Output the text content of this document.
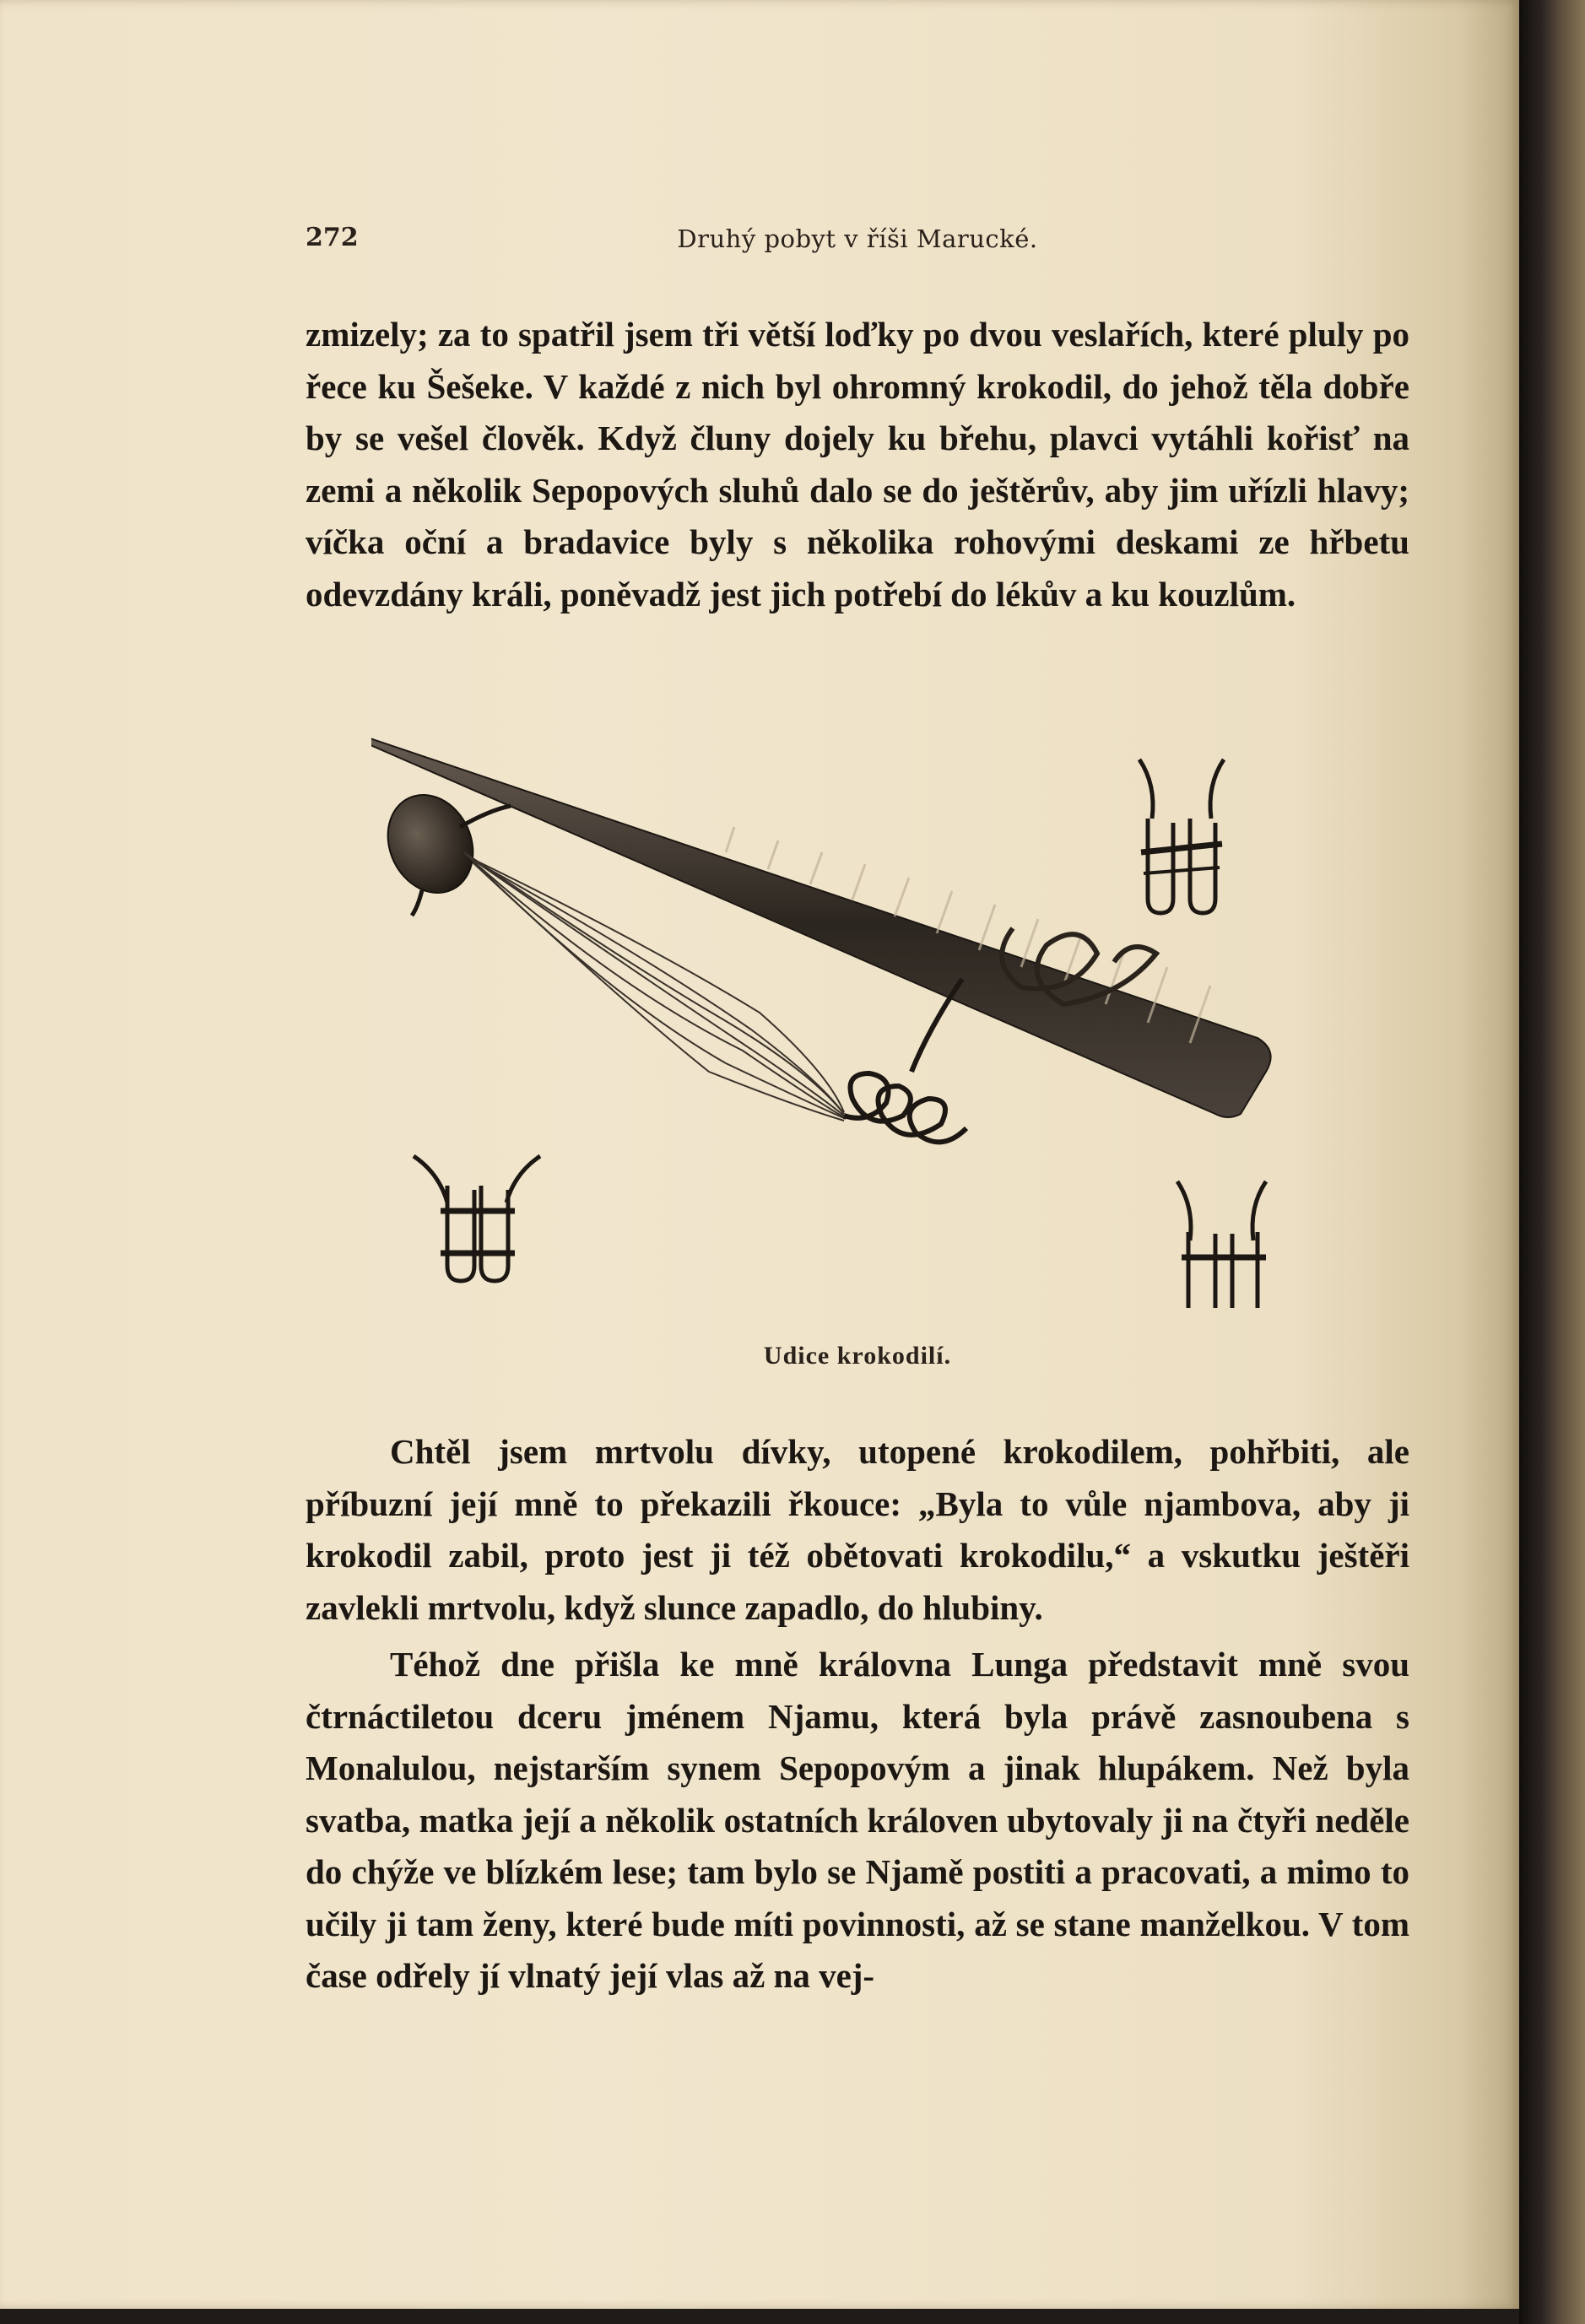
272	Druhý pobyt v říši Marucké.

zmizely; za to spatřil jsem tři větší loďky po dvou veslařích, které pluly po řece ku Šešeke. V každé z nich byl ohromný krokodil, do jehož těla dobře by se vešel člověk. Když čluny dojely ku břehu, plavci vytáhli kořisť na zemi a několik Sepopových sluhů dalo se do ještěrův, aby jim uřízli hlavy; víčka oční a bradavice byly s několika rohovými deskami ze hřbetu odevzdány králi, poněvadž jest jich potřebí do lékův a ku kouzlům.

Udice krokodilí.

Chtěl jsem mrtvolu dívky, utopené krokodilem, pohřbiti, ale příbuzní její mně to překazili řkouce: „Byla to vůle njambova, aby ji krokodil zabil, proto jest ji též obětovati krokodilu,“ a vskutku ještěři zavlekli mrtvolu, když slunce zapadlo, do hlubiny.

Téhož dne přišla ke mně královna Lunga představit mně svou čtrnáctiletou dceru jménem Njamu, která byla právě zasnoubena s Monalulou, nejstarším synem Sepopovým a jinak hlupákem. Než byla svatba, matka její a několik ostatních královen ubytovaly ji na čtyři neděle do chýže ve blízkém lese; tam bylo se Njamě postiti a pracovati, a mimo to učily ji tam ženy, které bude míti povinnosti, až se stane manželkou. V tom čase odřely jí vlnatý její vlas až na vej-
